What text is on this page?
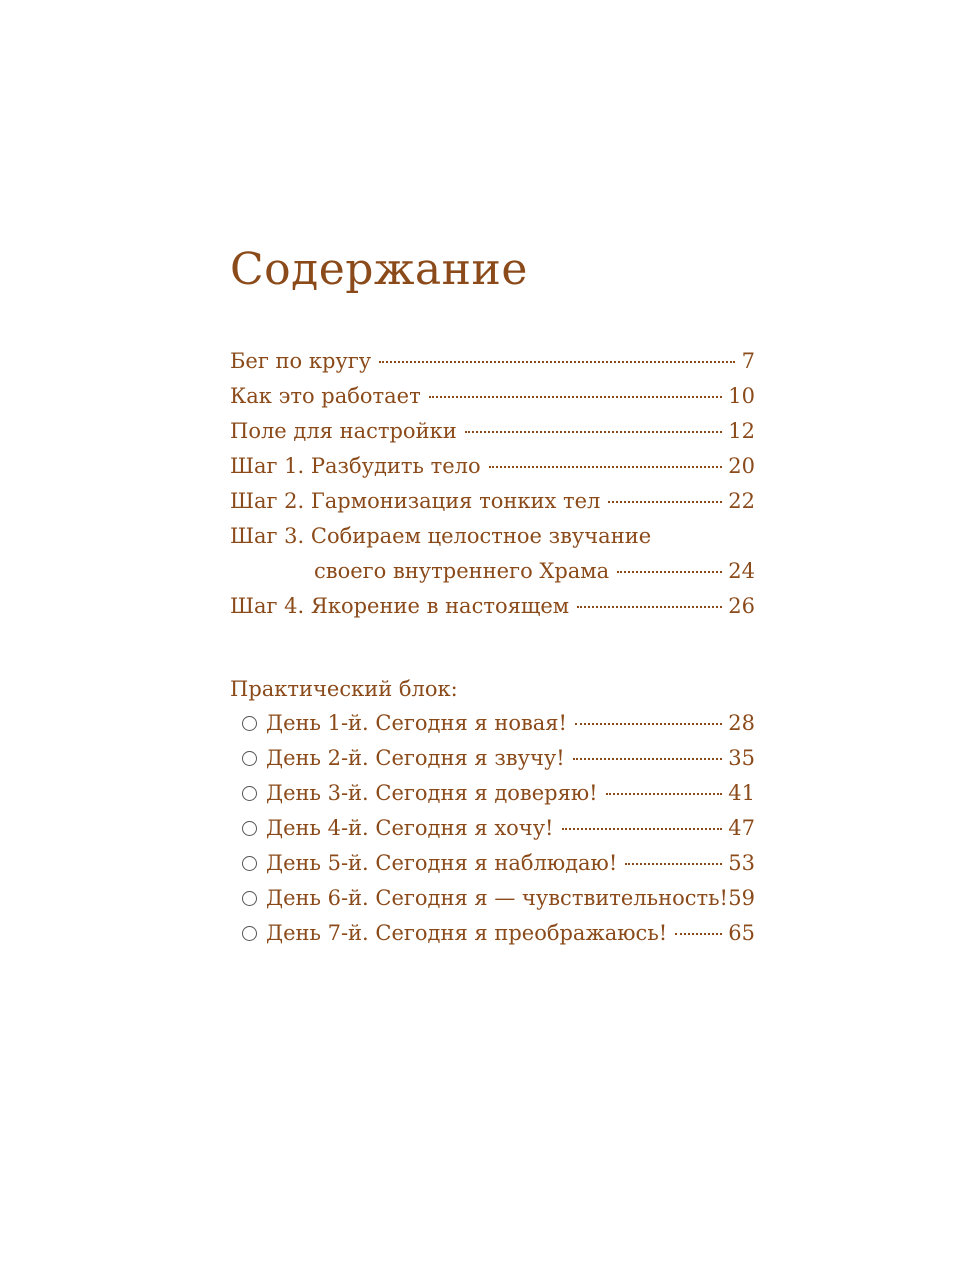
Содержание
Бег по кругу	7
Как это работает	10
Поле для настройки	12
Шаг 1. Разбудить тело	20
Шаг 2. Гармонизация тонких тел	22
Шаг 3. Собираем целостное звучание
своего внутреннего Храма	24
Шаг 4. Якорение в настоящем	26
Практический блок:
День 1-й. Сегодня я новая!	28
День 2-й. Сегодня я звучу!	35
День 3-й. Сегодня я доверяю!	41
День 4-й. Сегодня я хочу!	47
День 5-й. Сегодня я наблюдаю!	53
День 6-й. Сегодня я — чувствительность! 59
День 7-й. Сегодня я преображаюсь!	65
